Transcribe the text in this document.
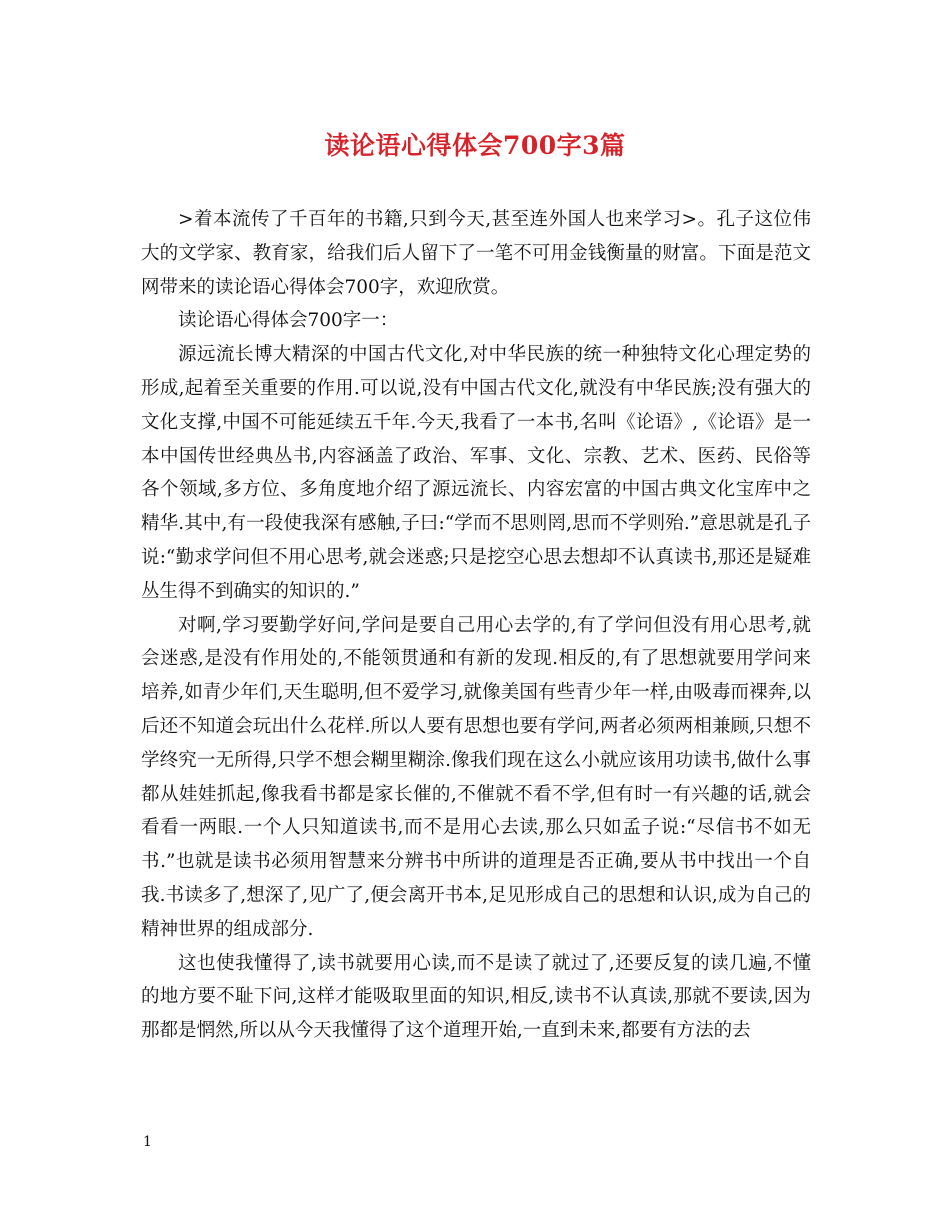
读论语心得体会700字3篇

>着本流传了千百年的书籍,只到今天,甚至连外国人也来学习>。孔子这位伟大的文学家、教育家，给我们后人留下了一笔不可用金钱衡量的财富。下面是范文网带来的读论语心得体会700字，欢迎欣赏。

读论语心得体会700字一：

源远流长博大精深的中国古代文化,对中华民族的统一种独特文化心理定势的形成,起着至关重要的作用.可以说,没有中国古代文化,就没有中华民族;没有强大的文化支撑,中国不可能延续五千年.今天,我看了一本书,名叫《论语》,《论语》是一本中国传世经典丛书,内容涵盖了政治、军事、文化、宗教、艺术、医药、民俗等各个领域,多方位、多角度地介绍了源远流长、内容宏富的中国古典文化宝库中之精华.其中,有一段使我深有感触,子曰:“学而不思则罔,思而不学则殆.”意思就是孔子说:“勤求学问但不用心思考,就会迷惑;只是挖空心思去想却不认真读书,那还是疑难丛生得不到确实的知识的.”

对啊,学习要勤学好问,学问是要自己用心去学的,有了学问但没有用心思考,就会迷惑,是没有作用处的,不能领贯通和有新的发现.相反的,有了思想就要用学问来培养,如青少年们,天生聪明,但不爱学习,就像美国有些青少年一样,由吸毒而裸奔,以后还不知道会玩出什么花样.所以人要有思想也要有学问,两者必须两相兼顾,只想不学终究一无所得,只学不想会糊里糊涂.像我们现在这么小就应该用功读书,做什么事都从娃娃抓起,像我看书都是家长催的,不催就不看不学,但有时一有兴趣的话,就会看看一两眼.一个人只知道读书,而不是用心去读,那么只如孟子说:“尽信书不如无书.”也就是读书必须用智慧来分辨书中所讲的道理是否正确,要从书中找出一个自我.书读多了,想深了,见广了,便会离开书本,足见形成自己的思想和认识,成为自己的精神世界的组成部分.

这也使我懂得了,读书就要用心读,而不是读了就过了,还要反复的读几遍,不懂的地方要不耻下问,这样才能吸取里面的知识,相反,读书不认真读,那就不要读,因为那都是惘然,所以从今天我懂得了这个道理开始,一直到未来,都要有方法的去

1
